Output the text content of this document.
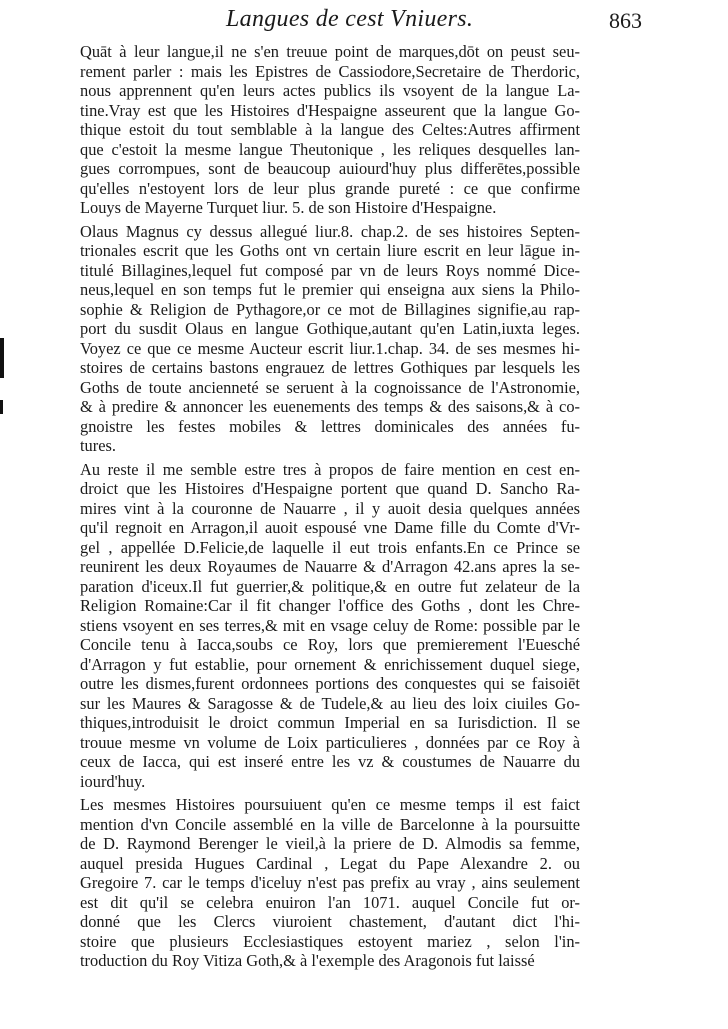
Langues de cest Vniuers.	863
Quāt à leur langue,il ne s'en treuue point de marques,dōt on peust seu-
rement parler : mais les Epistres de Cassiodore,Secretaire de Therdoric,
nous apprennent qu'en leurs actes publics ils vsoyent de la langue La-
tine.Vray est que les Histoires d'Hespaigne asseurent que la langue Go-
thique estoit du tout semblable à la langue des Celtes:Autres affirment
que c'estoit la mesme langue Theutonique , les reliques desquelles lan-
gues corrompues, sont de beaucoup auiourd'huy plus differētes,possible
qu'elles n'estoyent lors de leur plus grande pureté : ce que confirme
Louys de Mayerne Turquet liur. 5. de son Histoire d'Hespaigne.
Olaus Magnus cy dessus allegué liur.8. chap.2. de ses histoires Septen-
trionales escrit que les Goths ont vn certain liure escrit en leur lāgue in-
titulé Billagines,lequel fut composé par vn de leurs Roys nommé Dice-
neus,lequel en son temps fut le premier qui enseigna aux siens la Philo-
sophie & Religion de Pythagore,or ce mot de Billagines signifie,au rap-
port du susdit Olaus en langue Gothique,autant qu'en Latin,iuxta leges.
Voyez ce que ce mesme Aucteur escrit liur.1.chap. 34. de ses mesmes hi-
stoires de certains bastons engrauez de lettres Gothiques par lesquels les
Goths de toute ancienneté se seruent à la cognoissance de l'Astronomie,
& à predire & annoncer les euenements des temps & des saisons,& à co-
gnoistre les festes mobiles & lettres dominicales des années fu-
tures.
Au reste il me semble estre tres à propos de faire mention en cest en-
droict que les Histoires d'Hespaigne portent que quand D. Sancho Ra-
mires vint à la couronne de Nauarre , il y auoit desia quelques années
qu'il regnoit en Arragon,il auoit espousé vne Dame fille du Comte d'Vr-
gel , appellée D.Felicie,de laquelle il eut trois enfants.En ce Prince se
reunirent les deux Royaumes de Nauarre & d'Arragon 42.ans apres la se-
paration d'iceux.Il fut guerrier,& politique,& en outre fut zelateur de la
Religion Romaine:Car il fit changer l'office des Goths , dont les Chre-
stiens vsoyent en ses terres,& mit en vsage celuy de Rome: possible par le
Concile tenu à Iacca,soubs ce Roy, lors que premierement l'Euesché
d'Arragon y fut establie, pour ornement & enrichissement duquel siege,
outre les dismes,furent ordonnees portions des conquestes qui se faisoiēt
sur les Maures & Saragosse & de Tudele,& au lieu des loix ciuiles Go-
thiques,introduisit le droict commun Imperial en sa Iurisdiction. Il se
trouue mesme vn volume de Loix particulieres , données par ce Roy à
ceux de Iacca, qui est inseré entre les vz & coustumes de Nauarre du
iourd'huy.
Les mesmes Histoires poursuiuent qu'en ce mesme temps il est faict
mention d'vn Concile assemblé en la ville de Barcelonne à la poursuitte
de D. Raymond Berenger le vieil,à la priere de D. Almodis sa femme,
auquel presida Hugues Cardinal , Legat du Pape Alexandre 2. ou
Gregoire 7. car le temps d'iceluy n'est pas prefix au vray , ains seulement
est dit qu'il se celebra enuiron l'an 1071. auquel Concile fut or-
donné que les Clercs viuroient chastement, d'autant dict l'hi-
stoire que plusieurs Ecclesiastiques estoyent mariez , selon l'in-
troduction du Roy Vitiza Goth,& à l'exemple des Aragonois fut laissé
